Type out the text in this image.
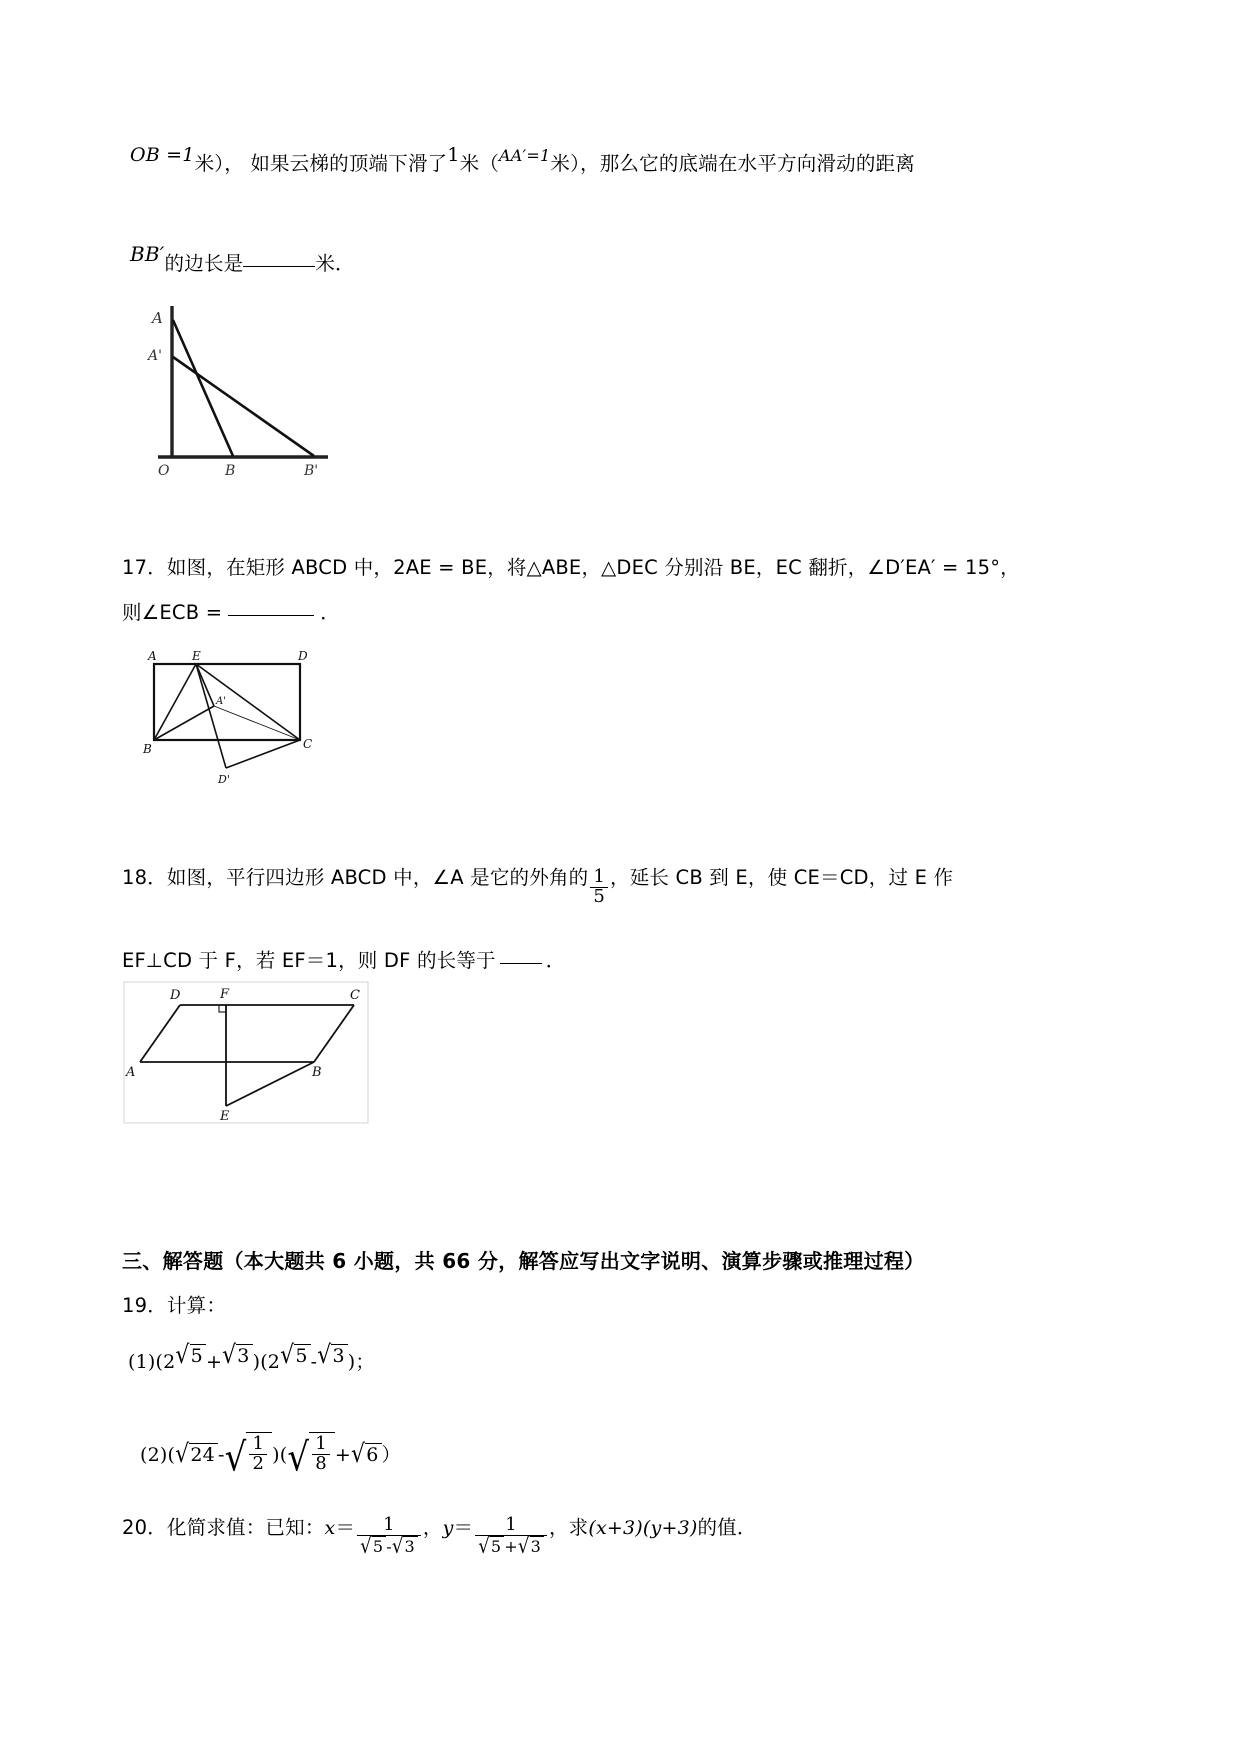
OB =1米）， 如果云梯的顶端下滑了1米（AA′=1米），那么它的底端在水平方向滑动的距离
BB′的边长是	米．
A
A'
O	B	B'
17．如图，在矩形 ABCD 中，2AE = BE，将△ABE，△DEC 分别沿 BE，EC 翻折，∠D′EA′ = 15°，
则∠ECB =	．
A	E	D
A'
B	C
D'
18．如图，平行四边形 ABCD 中，∠A 是它的外角的 $\frac{1}{5}$ ，延长 CB 到 E，使 CE＝CD，过 E 作
EF⊥CD 于 F，若 EF＝1，则 DF 的长等于	．
D	F	C
A	B
E
三、解答题（本大题共 6 小题，共 66 分，解答应写出文字说明、演算步骤或推理过程）
19．计算：
(1)(2√5 +√3 )(2√5 -√3 )；
(2)(√24 -√ $\frac{1}{2}$ )(√ $\frac{1}{8} +√6$ ）
20．化简求值：已知：$x= \frac{1}{√5 -√3}$ ，$y= \frac{1}{√5 +√3}$ ，求(x+3)(y+3)的值．
